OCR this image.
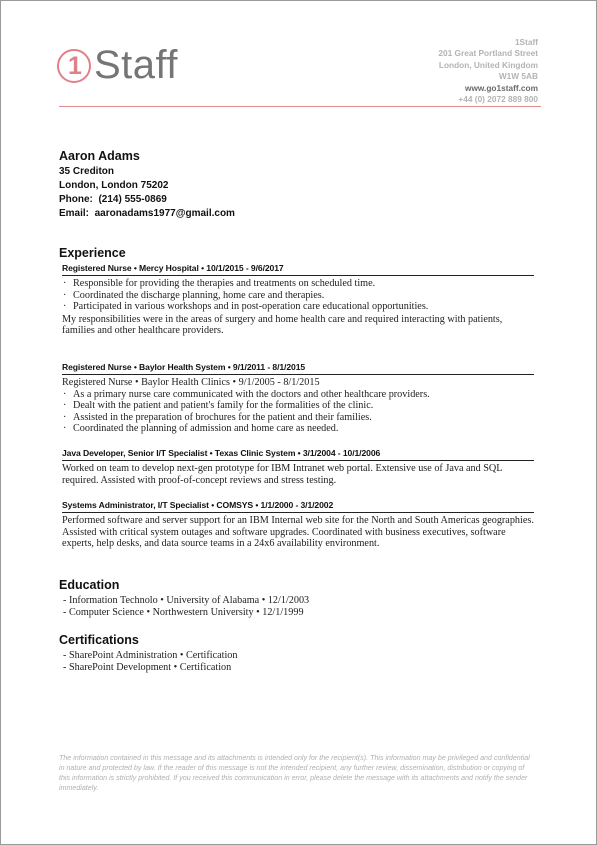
1 Staff
1Staff
201 Great Portland Street
London, United Kingdom
W1W 5AB
www.go1staff.com
+44 (0) 2072 889 800
Aaron Adams
35 Crediton
London, London 75202
Phone: (214) 555-0869
Email: aaronadams1977@gmail.com
Experience
Registered Nurse • Mercy Hospital • 10/1/2015 - 9/6/2017
· Responsible for providing the therapies and treatments on scheduled time.
· Coordinated the discharge planning, home care and therapies.
· Participated in various workshops and in post-operation care educational opportunities.
My responsibilities were in the areas of surgery and home health care and required interacting with patients, families and other healthcare providers.
Registered Nurse • Baylor Health System • 9/1/2011 - 8/1/2015
Registered Nurse • Baylor Health Clinics • 9/1/2005 - 8/1/2015
· As a primary nurse care communicated with the doctors and other healthcare providers.
· Dealt with the patient and patient's family for the formalities of the clinic.
· Assisted in the preparation of brochures for the patient and their families.
· Coordinated the planning of admission and home care as needed.
Java Developer, Senior I/T Specialist • Texas Clinic System • 3/1/2004 - 10/1/2006
Worked on team to develop next-gen prototype for IBM Intranet web portal. Extensive use of Java and SQL required. Assisted with proof-of-concept reviews and stress testing.
Systems Administrator, I/T Specialist • COMSYS • 1/1/2000 - 3/1/2002
Performed software and server support for an IBM Internal web site for the North and South Americas geographies. Assisted with critical system outages and software upgrades. Coordinated with business executives, software experts, help desks, and data source teams in a 24x6 availability environment.
Education
- Information Technolo • University of Alabama • 12/1/2003
- Computer Science • Northwestern University • 12/1/1999
Certifications
- SharePoint Administration • Certification
- SharePoint Development • Certification
The information contained in this message and its attachments is intended only for the recipient(s). This information may be privileged and confidential in nature and protected by law. If the reader of this message is not the intended recipient, any further review, dissemination, distribution or copying of this information is strictly prohibited. If you received this communication in error, please delete the message with its attachments and notify the sender immediately.
